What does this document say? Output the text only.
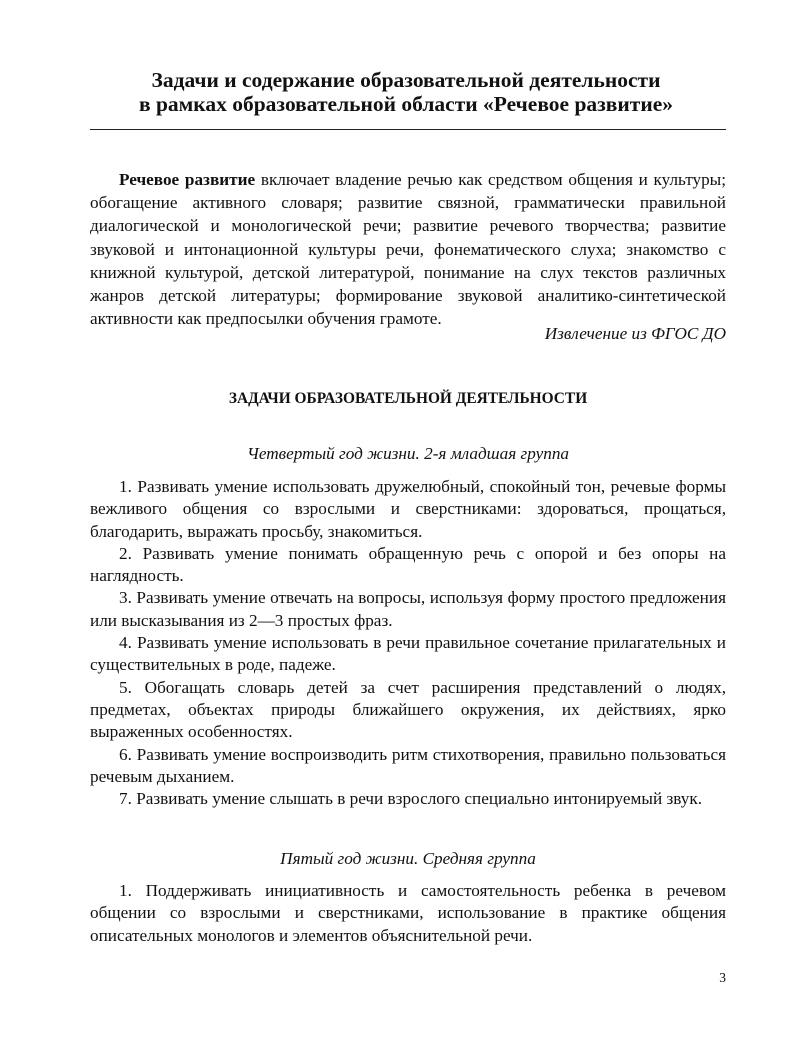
Задачи и содержание образовательной деятельности
в рамках образовательной области «Речевое развитие»

Речевое развитие включает владение речью как средством общения и культуры; обогащение активного словаря; развитие связной, грамматически правильной диалогической и монологической речи; развитие речевого творчества; развитие звуковой и интонационной культуры речи, фонематического слуха; знакомство с книжной культурой, детской литературой, понимание на слух текстов различных жанров детской литературы; формирование звуковой аналитико-синтетической активности как предпосылки обучения грамоте.

Извлечение из ФГОС ДО
ЗАДАЧИ ОБРАЗОВАТЕЛЬНОЙ ДЕЯТЕЛЬНОСТИ
Четвертый год жизни. 2-я младшая группа
1. Развивать умение использовать дружелюбный, спокойный тон, речевые формы вежливого общения со взрослыми и сверстниками: здороваться, прощаться, благодарить, выражать просьбу, знакомиться.
2. Развивать умение понимать обращенную речь с опорой и без опоры на наглядность.
3. Развивать умение отвечать на вопросы, используя форму простого предложения или высказывания из 2—3 простых фраз.
4. Развивать умение использовать в речи правильное сочетание прилагательных и существительных в роде, падеже.
5. Обогащать словарь детей за счет расширения представлений о людях, предметах, объектах природы ближайшего окружения, их действиях, ярко выраженных особенностях.
6. Развивать умение воспроизводить ритм стихотворения, правильно пользоваться речевым дыханием.
7. Развивать умение слышать в речи взрослого специально интонируемый звук.
Пятый год жизни. Средняя группа
1. Поддерживать инициативность и самостоятельность ребенка в речевом общении со взрослыми и сверстниками, использование в практике общения описательных монологов и элементов объяснительной речи.
3
